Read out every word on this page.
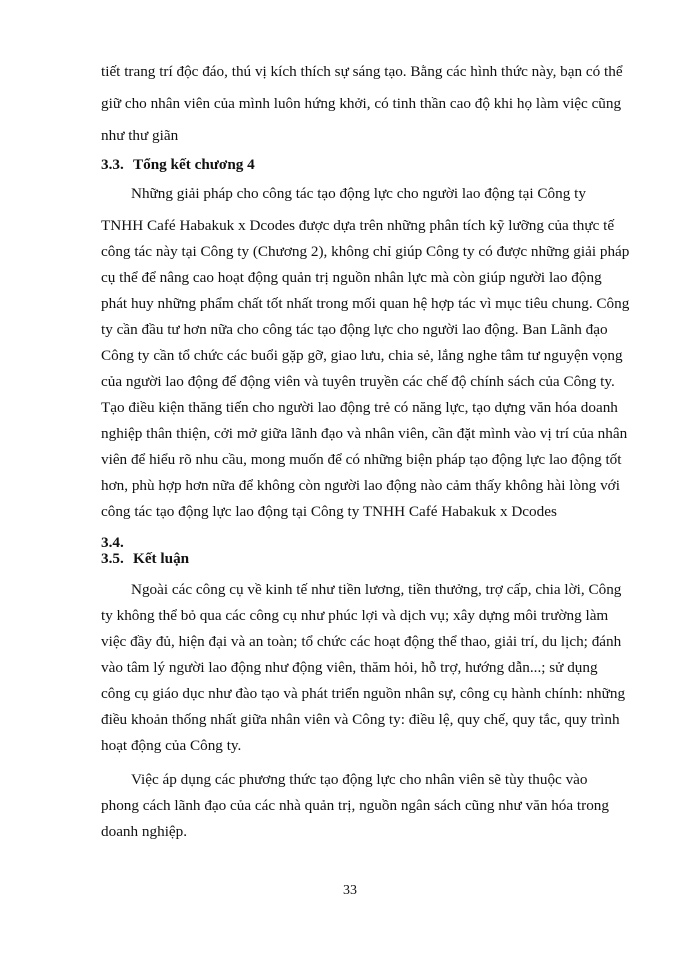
tiết trang trí độc đáo, thú vị kích thích sự sáng tạo. Bằng các hình thức này, bạn có thể
giữ cho nhân viên của mình luôn hứng khởi, có tinh thần cao độ khi họ làm việc cũng
như thư giãn
3.3. Tổng kết chương 4
Những giải pháp cho công tác tạo động lực cho người lao động tại Công ty
TNHH Café Habakuk x Dcodes được dựa trên những phân tích kỹ lưỡng của thực tế
công tác này tại Công ty (Chương 2), không chỉ giúp Công ty có được những giải pháp
cụ thể để nâng cao hoạt động quản trị nguồn nhân lực mà còn giúp người lao động
phát huy những phẩm chất tốt nhất trong mối quan hệ hợp tác vì mục tiêu chung. Công
ty cần đầu tư hơn nữa cho công tác tạo động lực cho người lao động. Ban Lãnh đạo
Công ty cần tổ chức các buổi gặp gỡ, giao lưu, chia sẻ, lắng nghe tâm tư nguyện vọng
của người lao động để động viên và tuyên truyền các chế độ chính sách của Công ty.
Tạo điều kiện thăng tiến cho người lao động trẻ có năng lực, tạo dựng văn hóa doanh
nghiệp thân thiện, cởi mở giữa lãnh đạo và nhân viên, cần đặt mình vào vị trí của nhân
viên để hiểu rõ nhu cầu, mong muốn để có những biện pháp tạo động lực lao động tốt
hơn, phù hợp hơn nữa để không còn người lao động nào cảm thấy không hài lòng với
công tác tạo động lực lao động tại Công ty TNHH Café Habakuk x Dcodes
3.4.
3.5. Kết luận
Ngoài các công cụ về kinh tế như tiền lương, tiền thưởng, trợ cấp, chia lời, Công
ty không thể bỏ qua các công cụ như phúc lợi và dịch vụ; xây dựng môi trường làm
việc đầy đủ, hiện đại và an toàn; tổ chức các hoạt động thể thao, giải trí, du lịch; đánh
vào tâm lý người lao động như động viên, thăm hỏi, hỗ trợ, hướng dẫn...; sử dụng
công cụ giáo dục như đào tạo và phát triển nguồn nhân sự, công cụ hành chính: những
điều khoản thống nhất giữa nhân viên và Công ty: điều lệ, quy chế, quy tắc, quy trình
hoạt động của Công ty.
Việc áp dụng các phương thức tạo động lực cho nhân viên sẽ tùy thuộc vào
phong cách lãnh đạo của các nhà quản trị, nguồn ngân sách cũng như văn hóa trong
doanh nghiệp.
33
